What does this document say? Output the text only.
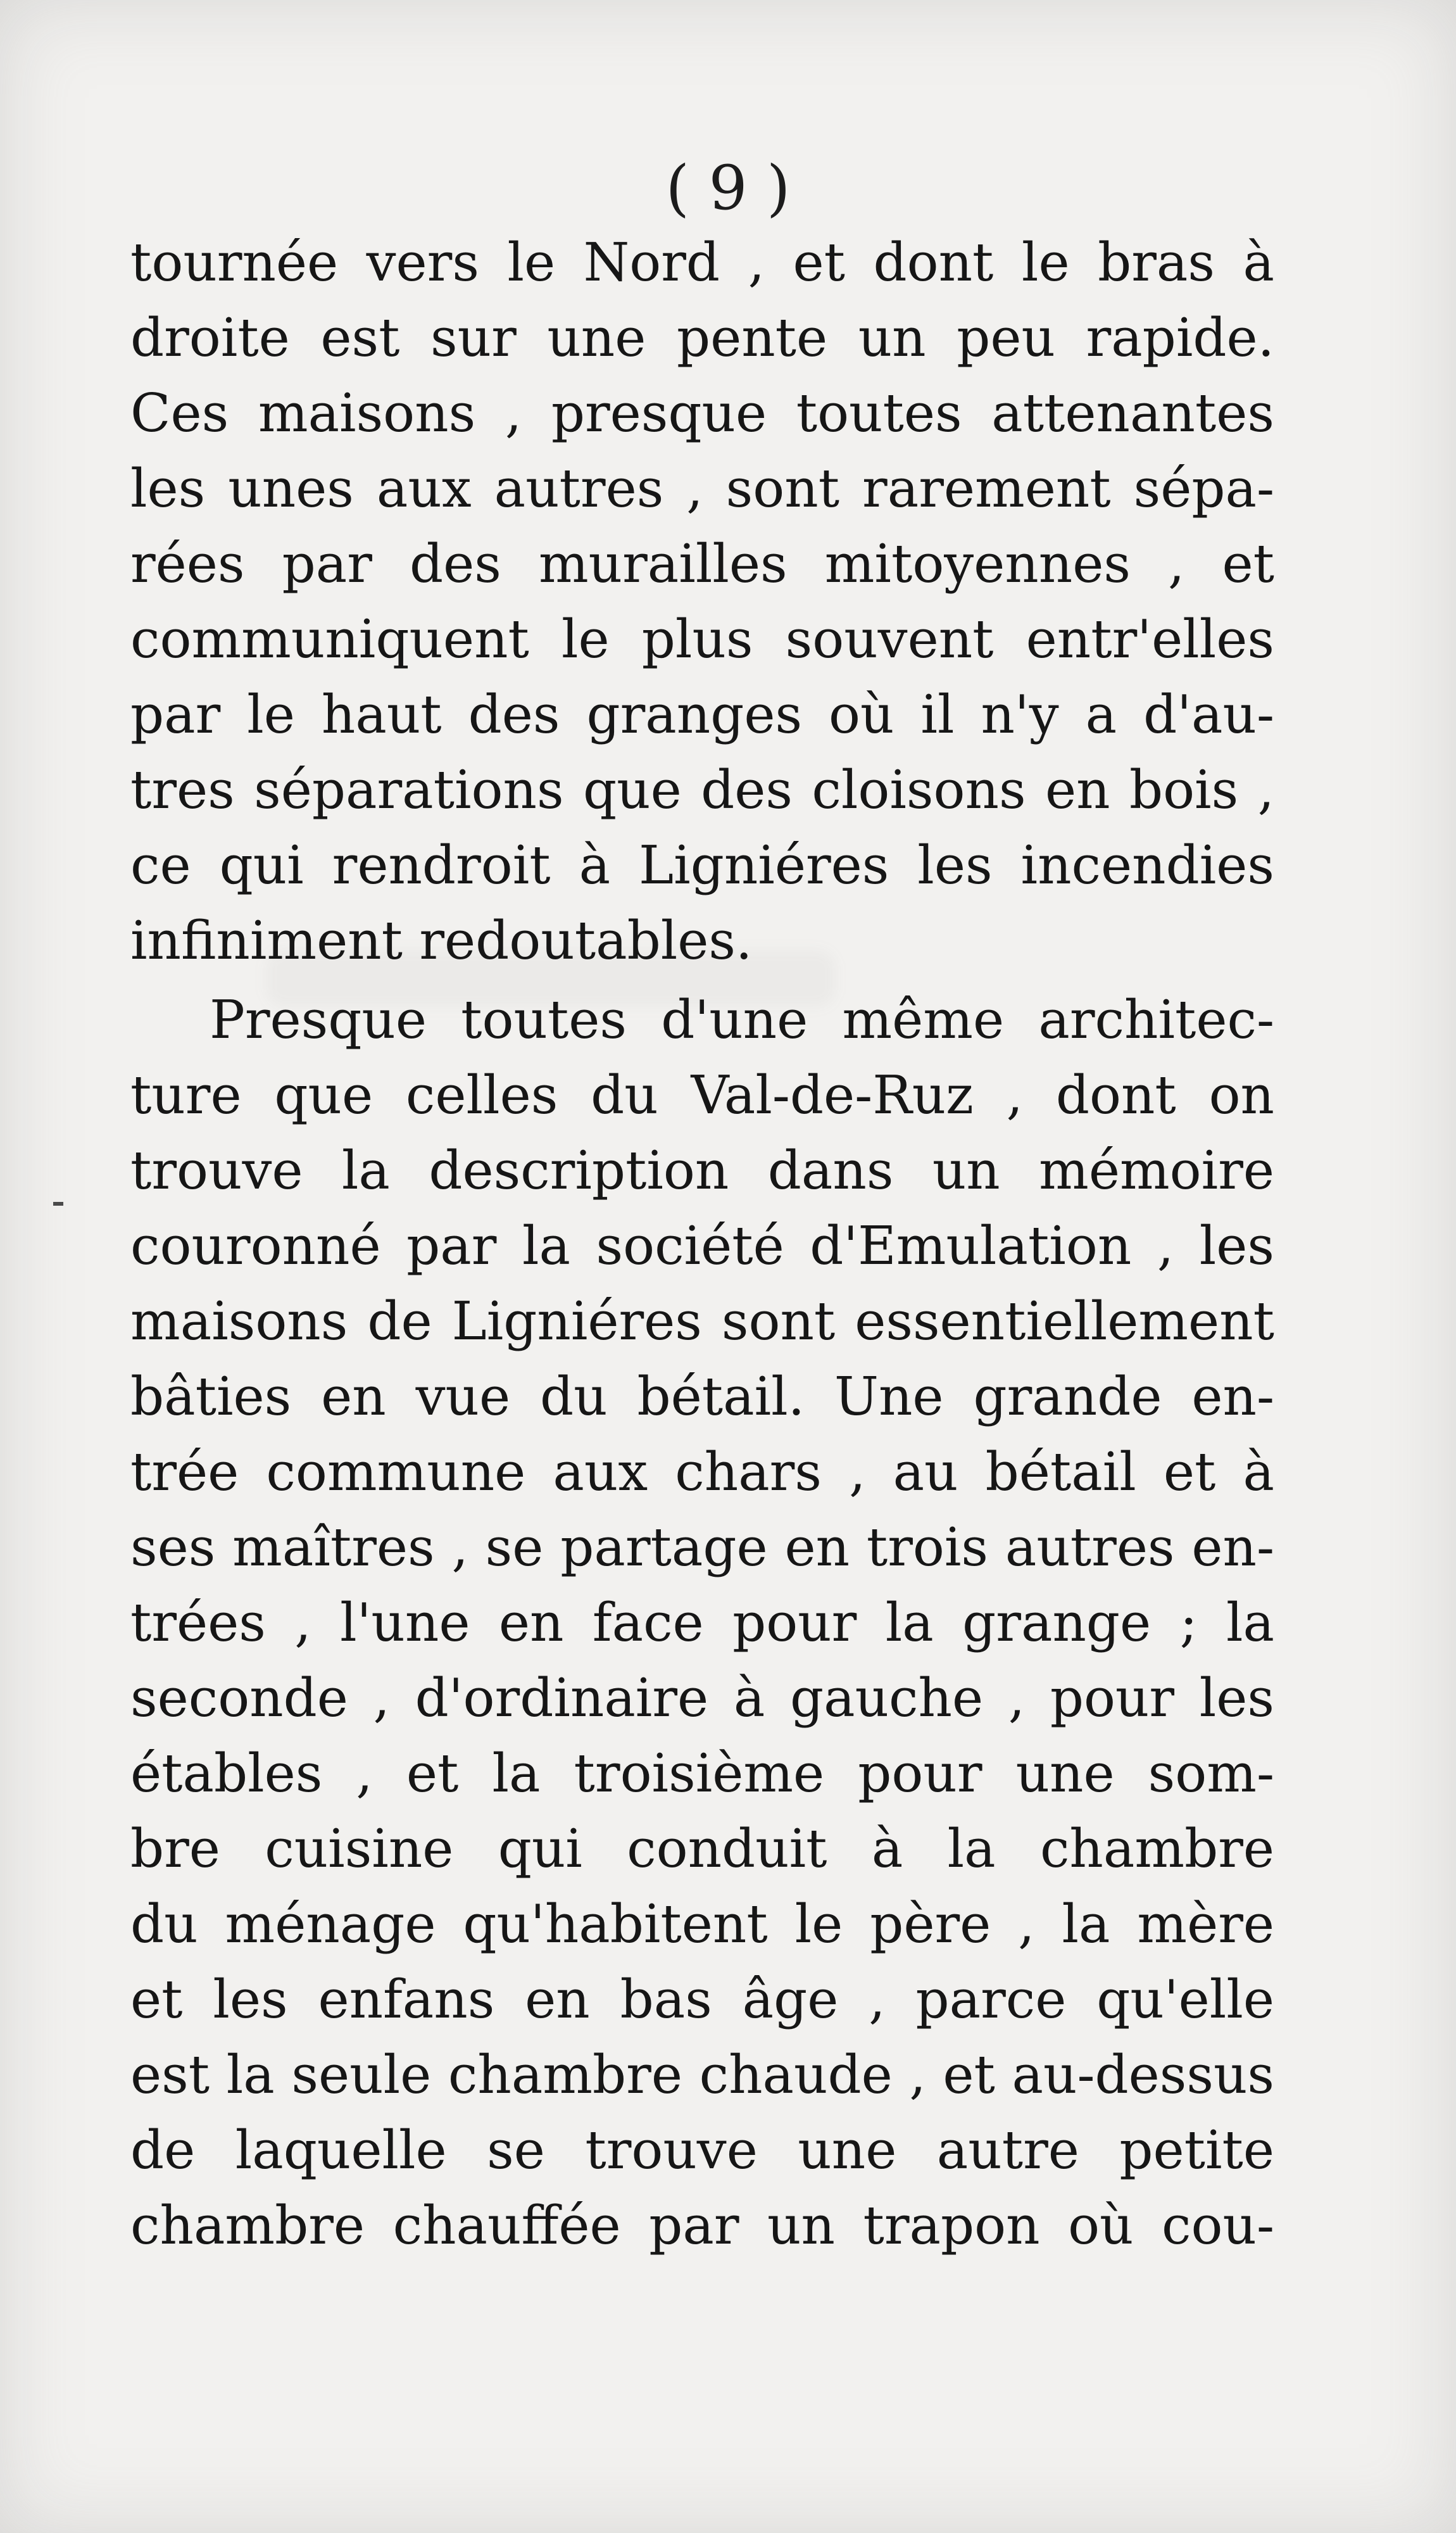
( 9 )
tournée vers le Nord , et dont le bras à
droite est sur une pente un peu rapide.
Ces maisons , presque toutes attenantes
les unes aux autres , sont rarement sépa-
rées par des murailles mitoyennes , et
communiquent le plus souvent entr'elles
par le haut des granges où il n'y a d'au-
tres séparations que des cloisons en bois ,
ce qui rendroit à Ligniéres les incendies
infiniment redoutables.
Presque toutes d'une même architec-
ture que celles du Val-de-Ruz , dont on
trouve la description dans un mémoire
couronné par la société d'Emulation , les
maisons de Ligniéres sont essentiellement
bâties en vue du bétail. Une grande en-
trée commune aux chars , au bétail et à
ses maîtres , se partage en trois autres en-
trées , l'une en face pour la grange ; la
seconde , d'ordinaire à gauche , pour les
étables , et la troisième pour une som-
bre cuisine qui conduit à la chambre
du ménage qu'habitent le père , la mère
et les enfans en bas âge , parce qu'elle
est la seule chambre chaude , et au-dessus
de laquelle se trouve une autre petite
chambre chauffée par un trapon où cou-
